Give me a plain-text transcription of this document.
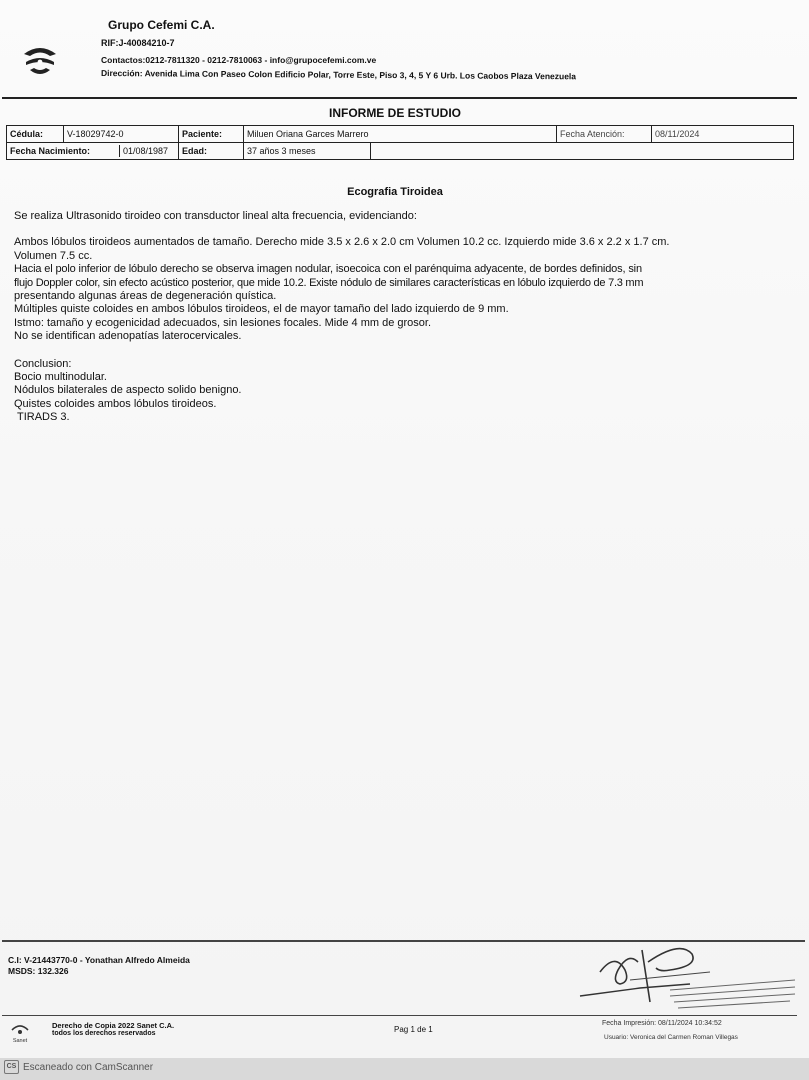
Grupo Cefemi C.A.
RIF:J-40084210-7
Contactos:0212-7811320 - 0212-7810063 - info@grupocefemi.com.ve
Dirección: Avenida Lima Con Paseo Colon Edificio Polar, Torre Este, Piso 3, 4, 5 Y 6 Urb. Los Caobos Plaza Venezuela
INFORME DE ESTUDIO
Cédula:	V-18029742-0	Paciente:	Miluen Oriana Garces Marrero		Fecha Atención:	08/11/2024

Fecha Nacimiento: 01/08/1987		Edad:	37 años 3 meses			
Ecografia Tiroidea
Se realiza Ultrasonido tiroideo con transductor lineal alta frecuencia, evidenciando:
Ambos lóbulos tiroideos aumentados de tamaño. Derecho mide 3.5 x 2.6 x 2.0 cm Volumen 10.2 cc. Izquierdo mide 3.6 x 2.2 x 1.7 cm.
Volumen 7.5 cc.
Hacia el polo inferior de lóbulo derecho se observa imagen nodular, isoecoica con el parénquima adyacente, de bordes definidos, sin
flujo Doppler color, sin efecto acústico posterior, que mide 10.2. Existe nódulo de similares características en lóbulo izquierdo de 7.3 mm
presentando algunas áreas de degeneración quística.
Múltiples quiste coloides en ambos lóbulos tiroideos, el de mayor tamaño del lado izquierdo de 9 mm.
Istmo: tamaño y ecogenicidad adecuados, sin lesiones focales. Mide 4 mm de grosor.
No se identifican adenopatías laterocervicales.
Conclusion:
Bocio multinodular.
Nódulos bilaterales de aspecto solido benigno.
Quistes coloides ambos lóbulos tiroideos.
TIRADS 3.
C.I: V-21443770-0 - Yonathan Alfredo Almeida
MSDS: 132.326
Sanet
Derecho de Copia 2022 Sanet C.A.
todos los derechos reservados	Pag 1 de 1
Fecha Impresión: 08/11/2024 10:34:52
Usuario: Veronica del Carmen Roman Villegas
CS Escaneado con CamScanner
